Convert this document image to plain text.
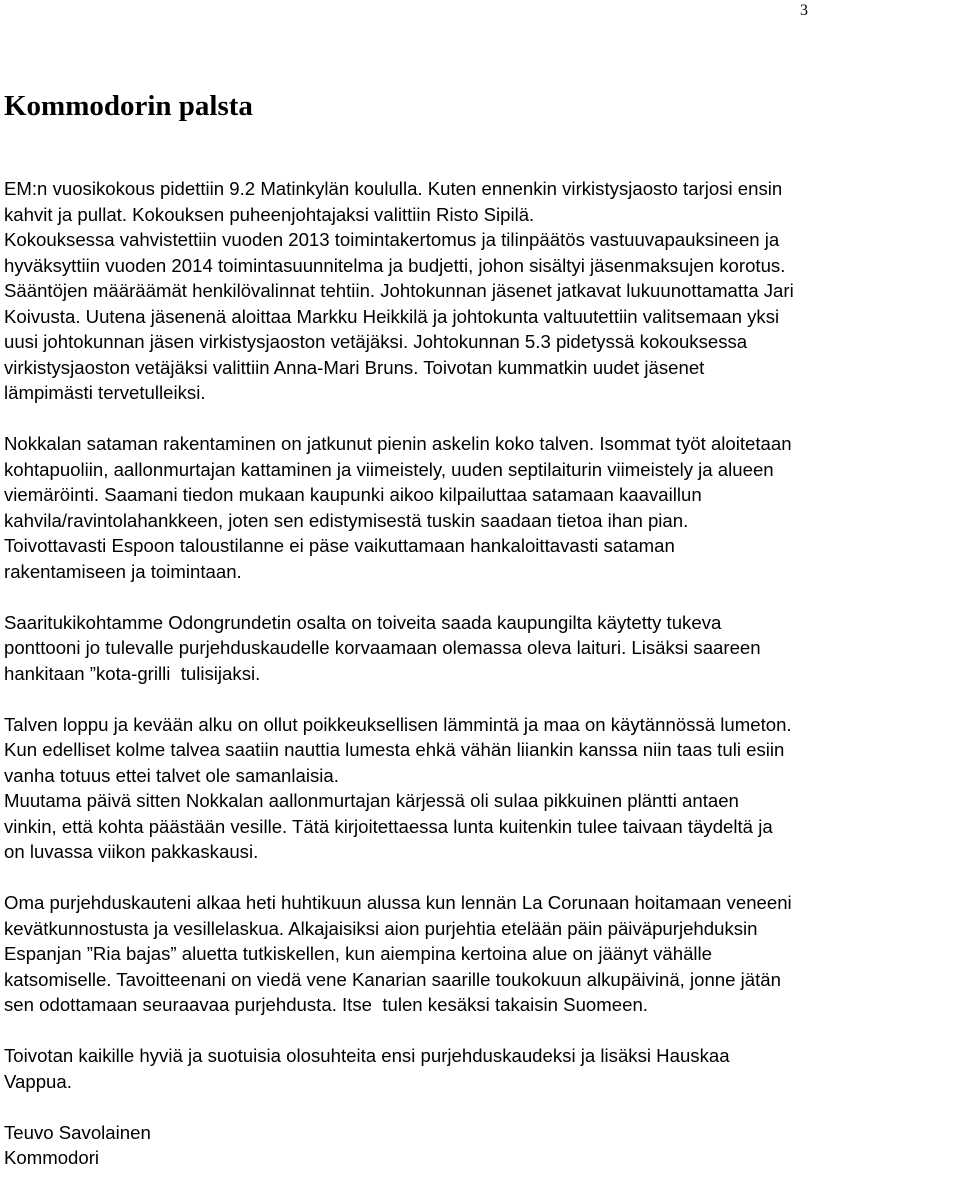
3
Kommodorin palsta

EM:n vuosikokous pidettiin 9.2 Matinkylän koululla. Kuten ennenkin virkistysjaosto tarjosi ensin
kahvit ja pullat. Kokouksen puheenjohtajaksi valittiin Risto Sipilä.
Kokouksessa vahvistettiin vuoden 2013 toimintakertomus ja tilinpäätös vastuuvapauksineen ja
hyväksyttiin vuoden 2014 toimintasuunnitelma ja budjetti, johon sisältyi jäsenmaksujen korotus.
Sääntöjen määräämät henkilövalinnat tehtiin. Johtokunnan jäsenet jatkavat lukuunottamatta Jari
Koivusta. Uutena jäsenenä aloittaa Markku Heikkilä ja johtokunta valtuutettiin valitsemaan yksi
uusi johtokunnan jäsen virkistysjaoston vetäjäksi. Johtokunnan 5.3 pidetyssä kokouksessa
virkistysjaoston vetäjäksi valittiin Anna-Mari Bruns. Toivotan kummatkin uudet jäsenet
lämpimästi tervetulleiksi.

Nokkalan sataman rakentaminen on jatkunut pienin askelin koko talven. Isommat työt aloitetaan
kohtapuoliin, aallonmurtajan kattaminen ja viimeistely, uuden septilaiturin viimeistely ja alueen
viemäröinti. Saamani tiedon mukaan kaupunki aikoo kilpailuttaa satamaan kaavaillun
kahvila/ravintolahankkeen, joten sen edistymisestä tuskin saadaan tietoa ihan pian.
Toivottavasti Espoon taloustilanne ei päse vaikuttamaan hankaloittavasti sataman
rakentamiseen ja toimintaan.

Saaritukikohtamme Odongrundetin osalta on toiveita saada kaupungilta käytetty tukeva
ponttooni jo tulevalle purjehduskaudelle korvaamaan olemassa oleva laituri. Lisäksi saareen
hankitaan ”kota-grilli  tulisijaksi.

Talven loppu ja kevään alku on ollut poikkeuksellisen lämmintä ja maa on käytännössä lumeton.
Kun edelliset kolme talvea saatiin nauttia lumesta ehkä vähän liiankin kanssa niin taas tuli esiin
vanha totuus ettei talvet ole samanlaisia.
Muutama päivä sitten Nokkalan aallonmurtajan kärjessä oli sulaa pikkuinen pläntti antaen
vinkin, että kohta päästään vesille. Tätä kirjoitettaessa lunta kuitenkin tulee taivaan täydeltä ja
on luvassa viikon pakkaskausi.

Oma purjehduskauteni alkaa heti huhtikuun alussa kun lennän La Corunaan hoitamaan veneeni
kevätkunnostusta ja vesillelaskua. Alkajaisiksi aion purjehtia etelään päin päiväpurjehduksin
Espanjan ”Ria bajas” aluetta tutkiskellen, kun aiempina kertoina alue on jäänyt vähälle
katsomiselle. Tavoitteenani on viedä vene Kanarian saarille toukokuun alkupäivinä, jonne jätän
sen odottamaan seuraavaa purjehdusta. Itse  tulen kesäksi takaisin Suomeen.

Toivotan kaikille hyviä ja suotuisia olosuhteita ensi purjehduskaudeksi ja lisäksi Hauskaa
Vappua.

Teuvo Savolainen
Kommodori
